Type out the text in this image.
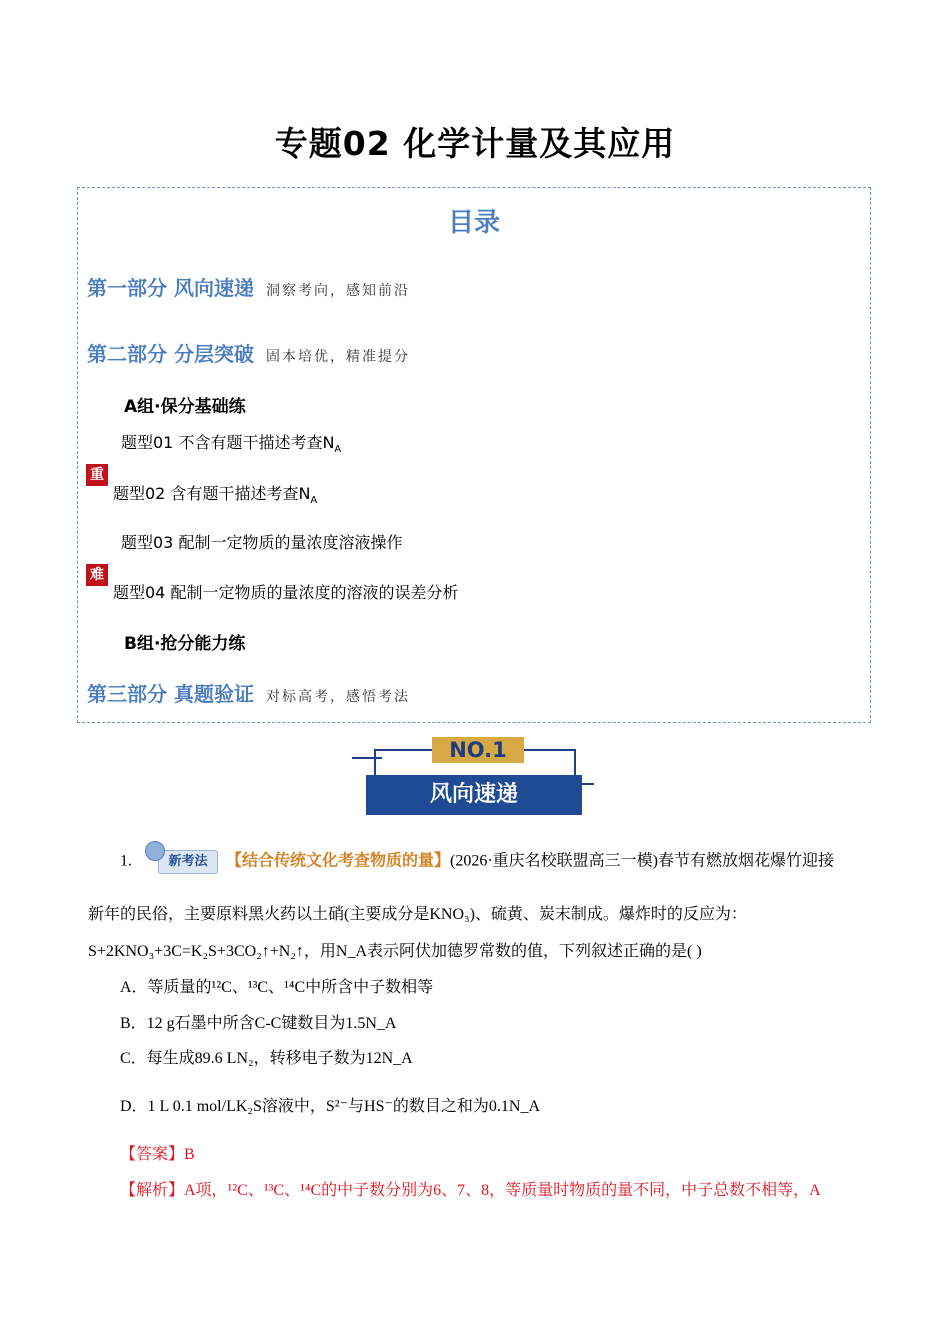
专题02 化学计量及其应用
目录
第一部分 风向速递 洞察考向，感知前沿
第二部分 分层突破 固本培优，精准提分
A组·保分基础练
题型01 不含有题干描述考查$N_A$
重
题型02 含有题干描述考查$N_A$
题型03 配制一定物质的量浓度溶液操作
难
题型04 配制一定物质的量浓度的溶液的误差分析
B组·抢分能力练
第三部分 真题验证 对标高考，感悟考法
NO.1
风向速递
1.	新考法 【结合传统文化考查物质的量】(2026·重庆名校联盟高三一模)春节有燃放烟花爆竹迎接
新年的民俗，主要原料黑火药以土硝(主要成分是KNO₃)、硫黄、炭末制成。爆炸时的反应为：
S+2KNO₃+3C=K₂S+3CO₂↑+N₂↑，用N_A表示阿伏加德罗常数的值，下列叙述正确的是( )
A．等质量的¹²C、¹³C、¹⁴C中所含中子数相等
B．12 g石墨中所含C-C键数目为1.5N_A
C．每生成89.6 LN₂，转移电子数为12N_A
D．1 L 0.1 mol/LK₂S溶液中，S²⁻与HS⁻的数目之和为0.1N_A
【答案】B
【解析】A项，¹²C、¹³C、¹⁴C的中子数分别为6、7、8，等质量时物质的量不同，中子总数不相等，A
